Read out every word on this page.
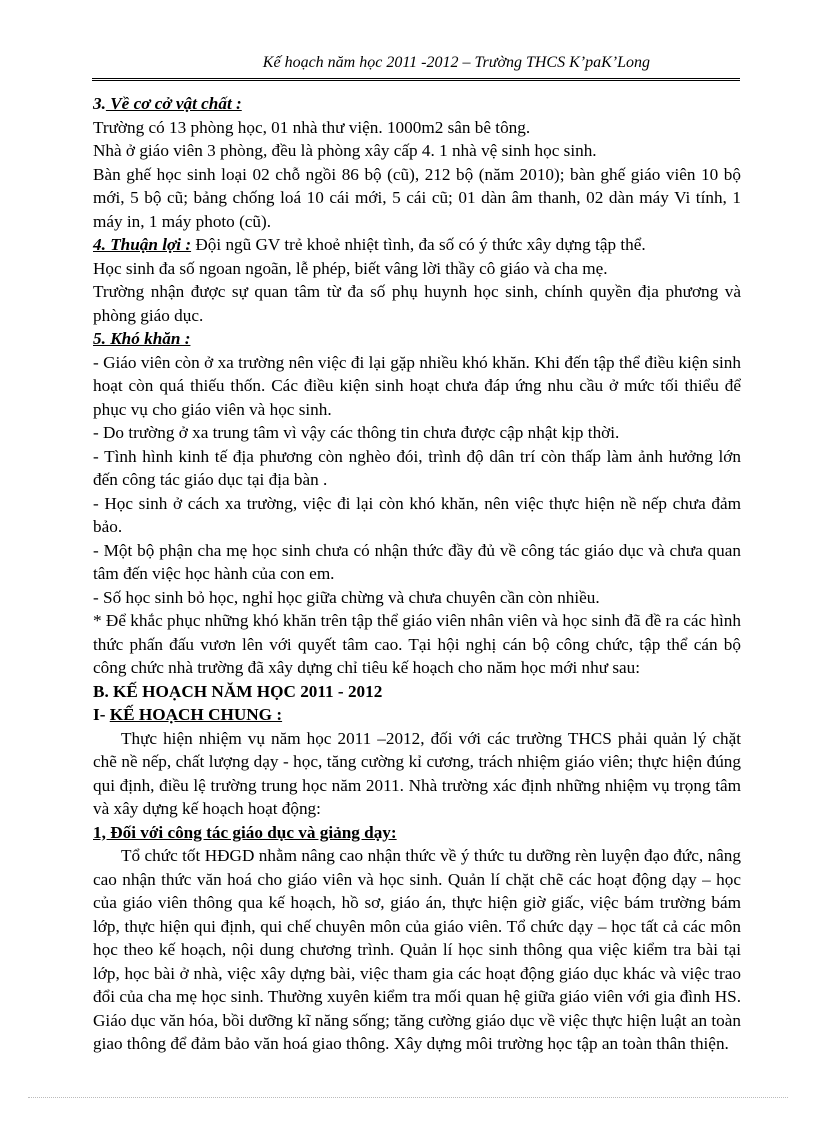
Kế hoạch năm học 2011 -2012 – Trường THCS K’paK’Long

3. Về cơ cở vật chất :

Trường có 13 phòng học, 01 nhà thư viện. 1000m2 sân bê tông.

Nhà ở giáo viên 3 phòng, đều là phòng xây cấp 4. 1 nhà vệ sinh học sinh.

Bàn ghế học sinh loại 02 chỗ ngồi 86 bộ (cũ), 212 bộ (năm 2010); bàn ghế giáo viên 10 bộ mới, 5 bộ cũ; bảng chống loá 10 cái mới, 5 cái cũ; 01 dàn âm thanh, 02 dàn máy Vi tính, 1 máy in, 1 máy photo (cũ).

4. Thuận lợi : Đội ngũ GV trẻ khoẻ nhiệt tình, đa số có ý thức xây dựng tập thể.

Học sinh đa số ngoan ngoãn, lễ phép, biết vâng lời thầy cô giáo và cha mẹ.

Trường nhận được sự quan tâm từ đa số phụ huynh học sinh, chính quyền địa phương và phòng giáo dục.

5. Khó khăn :

- Giáo viên còn ở xa trường nên việc đi lại gặp nhiều khó khăn. Khi đến tập thể điều kiện sinh hoạt còn quá thiếu thốn. Các điều kiện sinh hoạt chưa đáp ứng nhu cầu ở mức tối thiểu để phục vụ cho giáo viên và học sinh.

- Do trường ở xa trung tâm vì vậy các thông tin chưa được cập nhật kịp thời.

- Tình hình kinh tế địa phương còn nghèo đói, trình độ dân trí còn thấp làm ảnh hưởng lớn đến công tác giáo dục tại địa bàn .

- Học sinh ở cách xa trường, việc đi lại còn khó khăn, nên việc thực hiện nề nếp chưa đảm bảo.

- Một bộ phận cha mẹ học sinh chưa có nhận thức đầy đủ về công tác giáo dục và chưa quan tâm đến việc học hành của con em.

- Số học sinh bỏ học, nghỉ học giữa chừng và chưa chuyên cần còn nhiều.

* Để khắc phục những khó khăn trên tập thể giáo viên nhân viên và học sinh đã đề ra các hình thức phấn đấu vươn lên với quyết tâm cao. Tại hội nghị cán bộ công chức, tập thể cán bộ công chức nhà trường đã xây dựng chỉ tiêu kế hoạch cho năm học mới như sau:

B. KẾ HOẠCH NĂM HỌC 2011 - 2012

I- KẾ HOẠCH CHUNG :

Thực hiện nhiệm vụ năm học 2011 –2012, đối với các trường THCS phải quản lý chặt chẽ nề nếp, chất lượng dạy - học, tăng cường kỉ cương, trách nhiệm giáo viên; thực hiện đúng qui định, điều lệ trường trung học năm 2011. Nhà trường xác định những nhiệm vụ trọng tâm và xây dựng kế hoạch hoạt động:

1, Đối với công tác giáo dục và giảng dạy:

Tổ chức tốt HĐGD nhằm nâng cao nhận thức về ý thức tu dưỡng rèn luyện đạo đức, nâng cao nhận thức văn hoá cho giáo viên và học sinh. Quản lí chặt chẽ các hoạt động dạy – học của giáo viên thông qua kế hoạch, hồ sơ, giáo án, thực hiện giờ giấc, việc bám trường bám lớp, thực hiện qui định, qui chế chuyên môn của giáo viên. Tổ chức dạy – học tất cả các môn học theo kế hoạch, nội dung chương trình. Quản lí học sinh thông qua việc kiểm tra bài tại lớp, học bài ở nhà, việc xây dựng bài, việc tham gia các hoạt động giáo dục khác và việc trao đổi của cha mẹ học sinh. Thường xuyên kiểm tra mối quan hệ giữa giáo viên với gia đình HS. Giáo dục văn hóa, bồi dưỡng kĩ năng sống; tăng cường giáo dục về việc thực hiện luật an toàn giao thông để đảm bảo văn hoá giao thông. Xây dựng môi trường học tập an toàn thân thiện.
